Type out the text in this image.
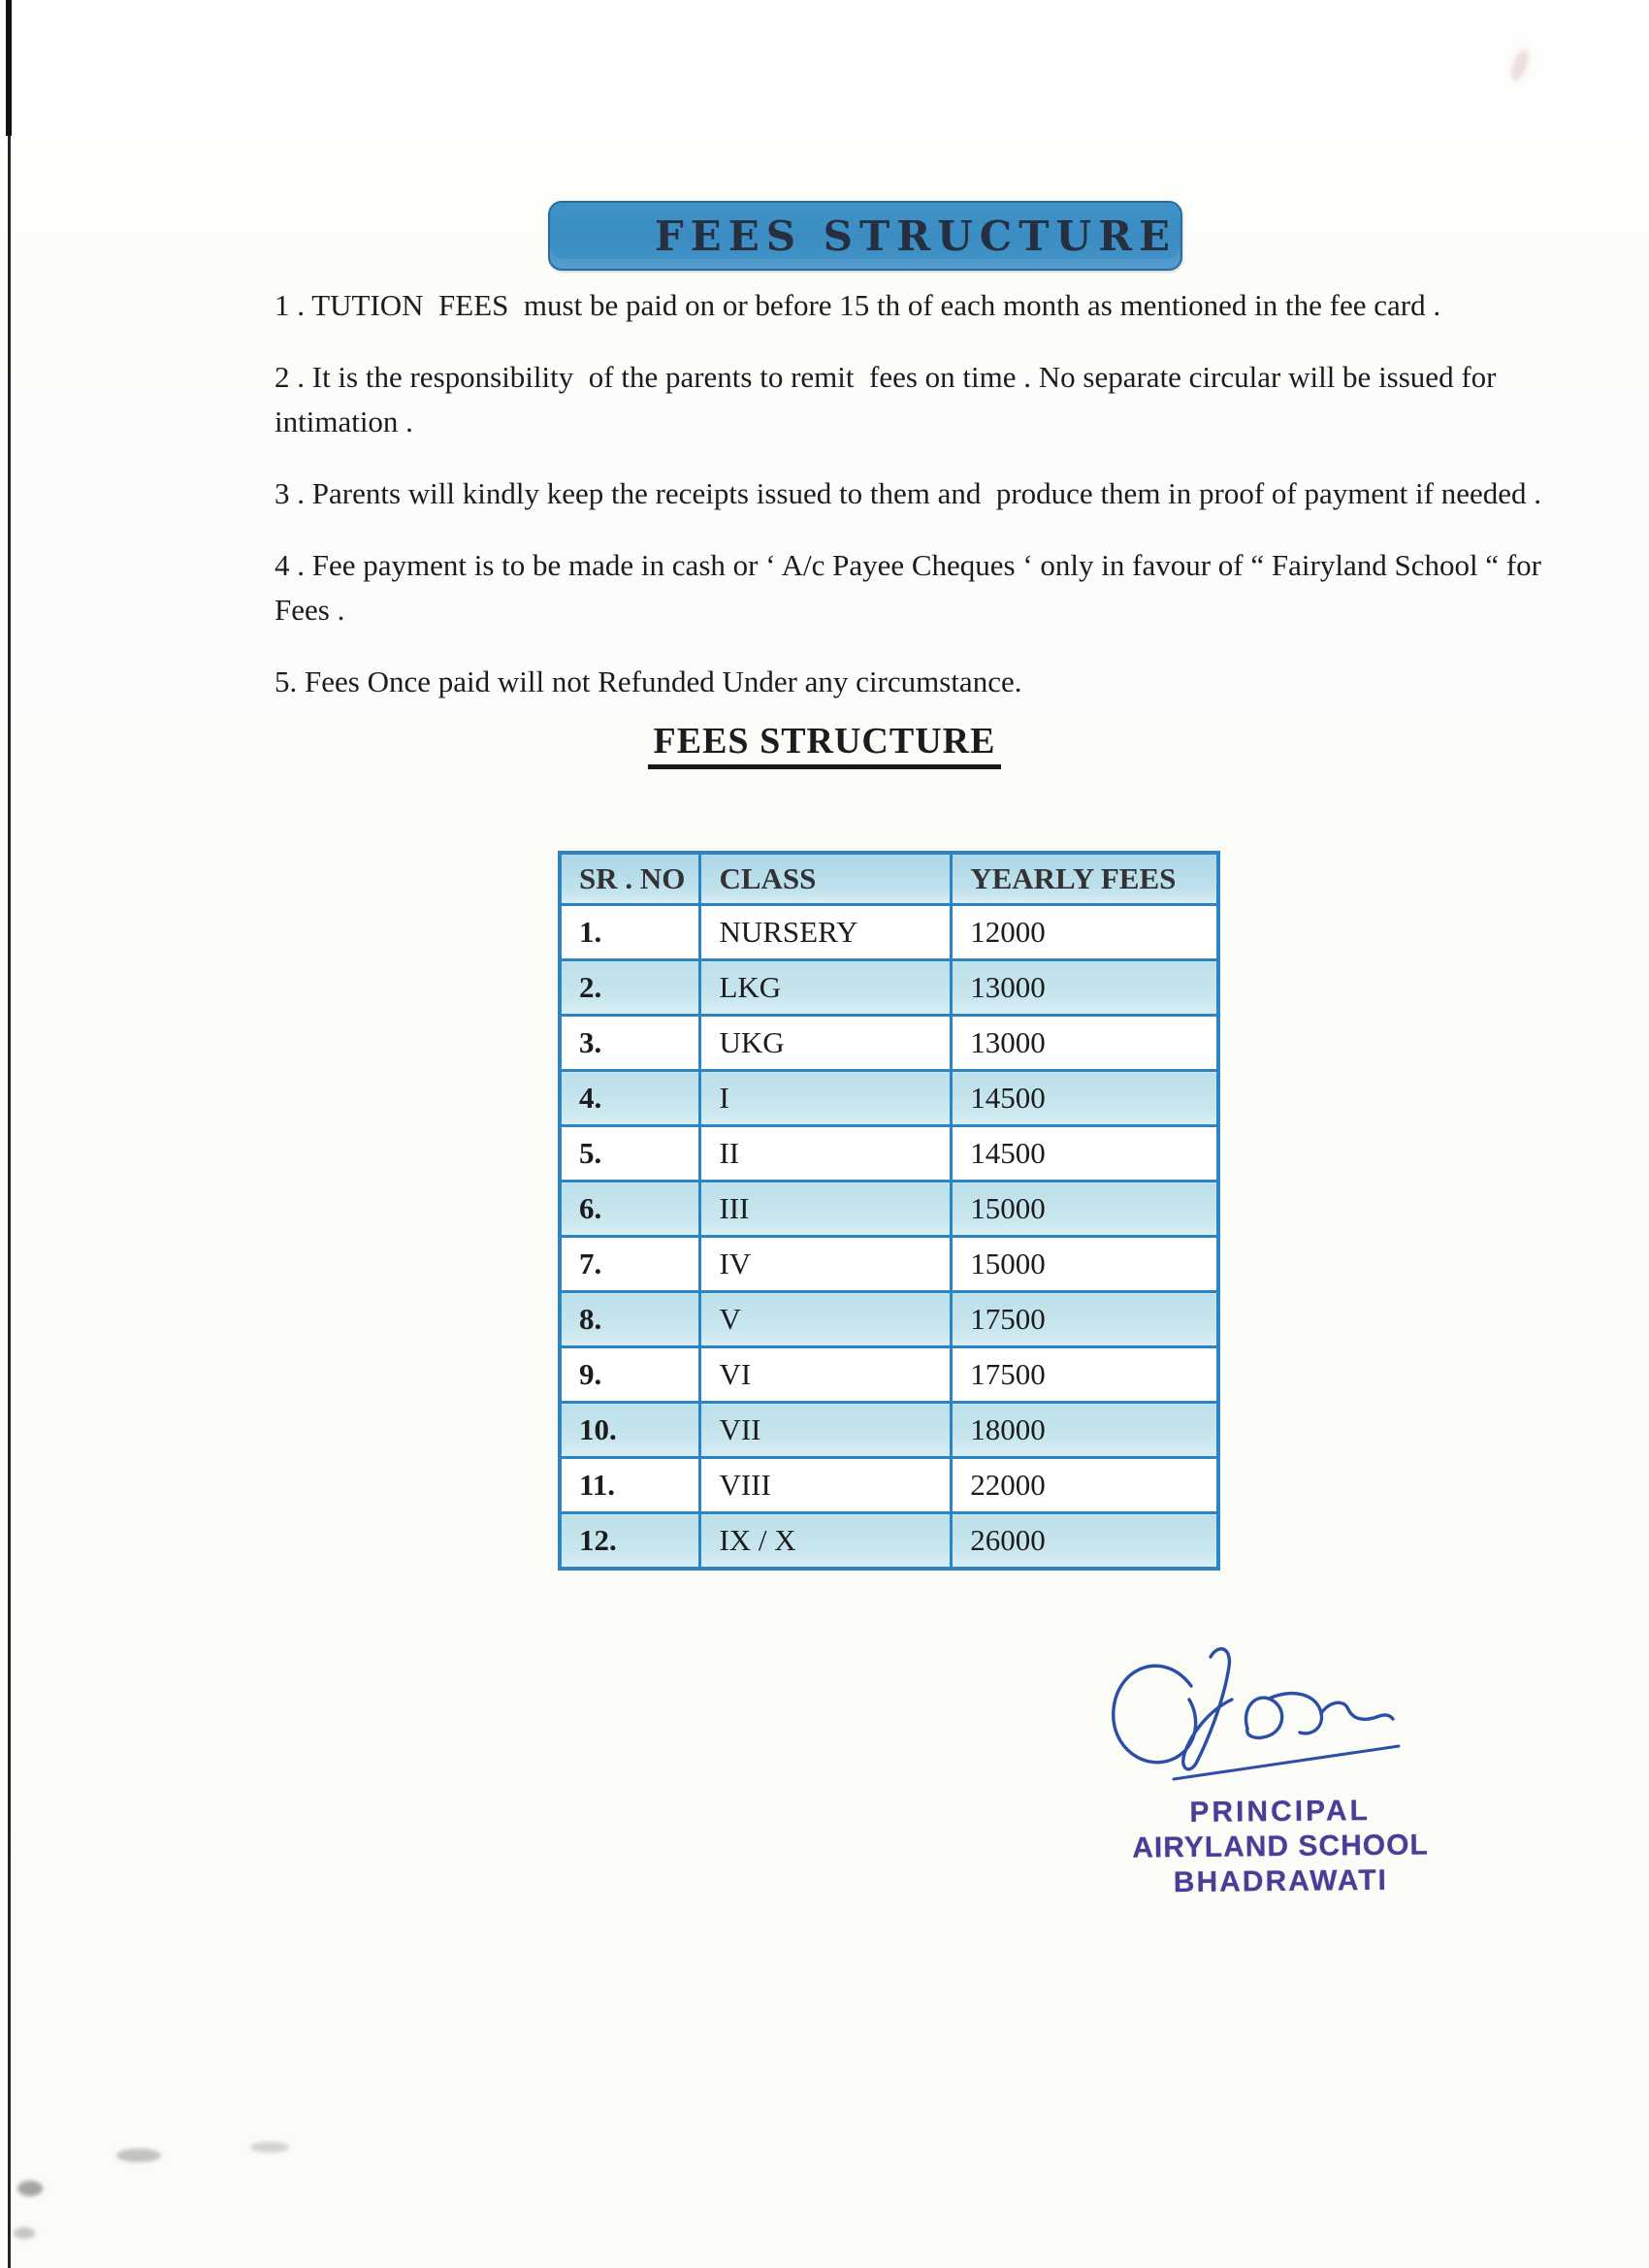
FEES STRUCTURE

1 . TUTION  FEES  must be paid on or before 15 th of each month as mentioned in the fee card .

2 . It is the responsibility  of the parents to remit  fees on time . No separate circular will be issued for intimation .

3 . Parents will kindly keep the receipts issued to them and  produce them in proof of payment if needed .

4 . Fee payment is to be made in cash or ‘ A/c Payee Cheques ‘ only in favour of “ Fairyland School “ for  Fees .

5. Fees Once paid will not Refunded Under any circumstance.

FEES STRUCTURE
SR . NO	CLASS	YEARLY FEES
1.	NURSERY	12000
2.	LKG	13000
3.	UKG	13000
4.	I	14500
5.	II	14500
6.	III	15000
7.	IV	15000
8.	V	17500
9.	VI	17500
10.	VII	18000
11.	VIII	22000
12.	IX / X	26000
PRINCIPAL
AIRYLAND SCHOOL
BHADRAWATI
